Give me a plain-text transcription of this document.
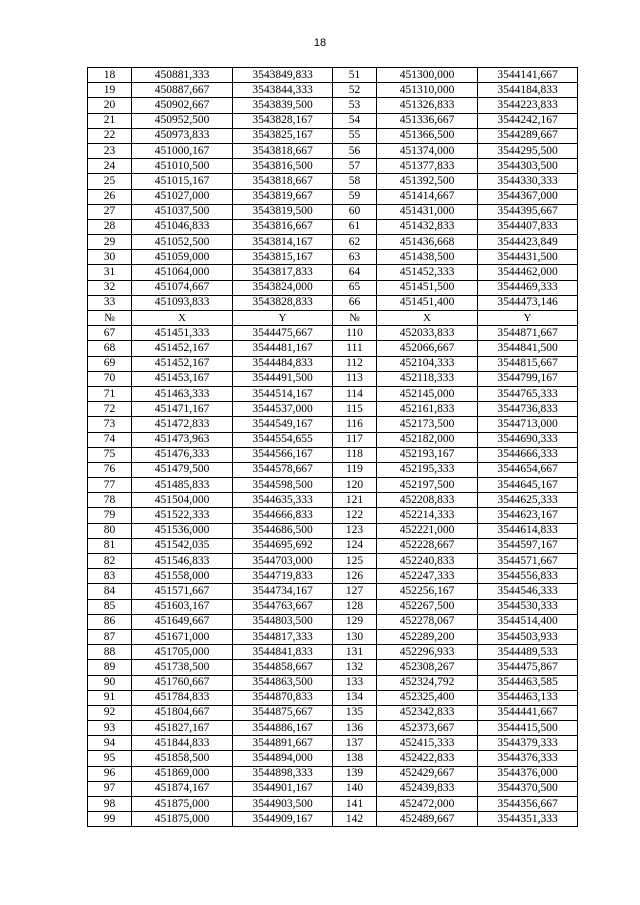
18
18	450881,333	3543849,833	51	451300,000	3544141,667
19	450887,667	3543844,333	52	451310,000	3544184,833
20	450902,667	3543839,500	53	451326,833	3544223,833
21	450952,500	3543828,167	54	451336,667	3544242,167
22	450973,833	3543825,167	55	451366,500	3544289,667
23	451000,167	3543818,667	56	451374,000	3544295,500
24	451010,500	3543816,500	57	451377,833	3544303,500
25	451015,167	3543818,667	58	451392,500	3544330,333
26	451027,000	3543819,667	59	451414,667	3544367,000
27	451037,500	3543819,500	60	451431,000	3544395,667
28	451046,833	3543816,667	61	451432,833	3544407,833
29	451052,500	3543814,167	62	451436,668	3544423,849
30	451059,000	3543815,167	63	451438,500	3544431,500
31	451064,000	3543817,833	64	451452,333	3544462,000
32	451074,667	3543824,000	65	451451,500	3544469,333
33	451093,833	3543828,833	66	451451,400	3544473,146
№	X	Y	№	X	Y
67	451451,333	3544475,667	110	452033,833	3544871,667
68	451452,167	3544481,167	111	452066,667	3544841,500
69	451452,167	3544484,833	112	452104,333	3544815,667
70	451453,167	3544491,500	113	452118,333	3544799,167
71	451463,333	3544514,167	114	452145,000	3544765,333
72	451471,167	3544537,000	115	452161,833	3544736,833
73	451472,833	3544549,167	116	452173,500	3544713,000
74	451473,963	3544554,655	117	452182,000	3544690,333
75	451476,333	3544566,167	118	452193,167	3544666,333
76	451479,500	3544578,667	119	452195,333	3544654,667
77	451485,833	3544598,500	120	452197,500	3544645,167
78	451504,000	3544635,333	121	452208,833	3544625,333
79	451522,333	3544666,833	122	452214,333	3544623,167
80	451536,000	3544686,500	123	452221,000	3544614,833
81	451542,035	3544695,692	124	452228,667	3544597,167
82	451546,833	3544703,000	125	452240,833	3544571,667
83	451558,000	3544719,833	126	452247,333	3544556,833
84	451571,667	3544734,167	127	452256,167	3544546,333
85	451603,167	3544763,667	128	452267,500	3544530,333
86	451649,667	3544803,500	129	452278,067	3544514,400
87	451671,000	3544817,333	130	452289,200	3544503,933
88	451705,000	3544841,833	131	452296,933	3544489,533
89	451738,500	3544858,667	132	452308,267	3544475,867
90	451760,667	3544863,500	133	452324,792	3544463,585
91	451784,833	3544870,833	134	452325,400	3544463,133
92	451804,667	3544875,667	135	452342,833	3544441,667
93	451827,167	3544886,167	136	452373,667	3544415,500
94	451844,833	3544891,667	137	452415,333	3544379,333
95	451858,500	3544894,000	138	452422,833	3544376,333
96	451869,000	3544898,333	139	452429,667	3544376,000
97	451874,167	3544901,167	140	452439,833	3544370,500
98	451875,000	3544903,500	141	452472,000	3544356,667
99	451875,000	3544909,167	142	452489,667	3544351,333
